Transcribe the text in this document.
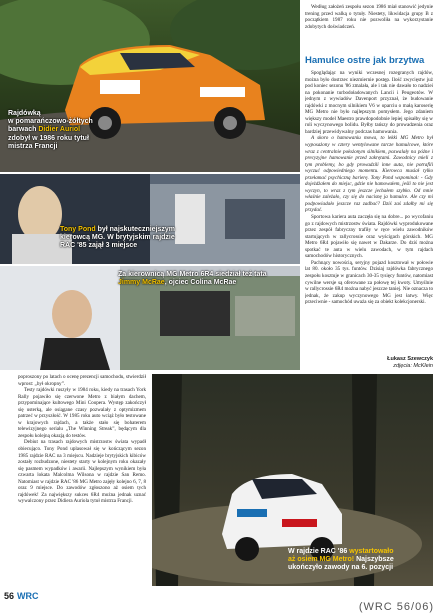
Rajdówką
w pomarańczowo-żółtych
barwach Didier Auriol
zdobył w 1986 roku tytuł
mistrza Francji
Tony Pond był najskuteczniejszym
kierowcą MG. W brytyjskim rajdzie
RAC '85 zajął 3 miejsce
Za kierownicą MG Metro 6R4 siedział też tata
Jimmy McRae, ojciec Colina McRae

Według założeń zespołu sezon 1986 miał stanowić jedynie trening przed walką o tytuły. Niestety, likwidacja grupy B z początkiem 1987 roku nie pozwoliła na wykorzystanie zdobytych doświadczeń.

Hamulce ostre jak brzytwa

Spoglądając na wyniki wczesnej rozegranych rajdów, można było dostrzec niezmiernie postęp. Ilość zwycięstw już pod koniec sezonu '86 zmalała, ale i tak nie dawało to nadziei na pokonanie turbodoładowanych Lancii i Peugeotów. W jednym z wywiadów Davenport przyznał, że budowanie rajdówki z mocnym silnikiem V6 w oparciu o małą karoserię MG Metro nie było najlepszym pomysłem. Jego zdaniem większy model Maestro prawdopodobnie lepiej spisałby się w roli wyczynowego bolidu. Byłby tańszy do prowadzenia oraz bardziej przewidywalny podczas hamowania.

A skoro o hamowaniu mowa, to lekki MG Metro był wyposażony w cztery wentylowane tarcze hamulcowe, które wraz z centralnie położonym silnikiem, pozwalały na późne i precyzyjne hamowanie przed zakrętami. Zawodnicy mieli z tym problemy, bo gdy prowadzili inne auta, nie potrafili wyczuć odpowiedniego momentu. Kierowca musiał tylko przełamać psychiczną barierę. Tony Pond wspominał: - Gdy dojeżdżałem do miejsc, gdzie nie hamowałem, jeśli to nie jest wyczyn, to wraz z tym jeszcze jechałem szybko. Od mnie właśnie zależało, czy się do nacisnę ja hamulce. Ale czy mi podpowiadało jeszcze raz zadbać? Dziś zaś zdałby mi się przydać.

Sportowa kariera auta zaczęła się na dobre... po wycofaniu go z rajdowych mistrzostw świata. Rajdówki wyprodukowane przez zespół fabryczny trafiły w ręce wielu zawodników startujących w rallycrossie oraz wyścigach górskich. MG Metro 6R4 pojawiło się nawet w Dakarze. Do dziś można spotkać te auta w wielu zawodach, w tym rajdach samochodów historycznych.

Pachnący nowością, seryjny pojazd kosztował w połowie lat 80. około 35 tys. funtów. Dzisiaj rajdówka fabrycznego zespołu kosztuje w granicach 30-35 tysięcy funtów, natomiast cywilne wersje są oferowane za połowę tej kwoty. Umyślnie w rallycrossie 6R4 można nabyć jeszcze taniej. Nie oznacza to jednak, że zakup wyczynowego MG jest łatwy. Więc przeciwnie - samochód uważa się za obiekt kolekcjonerski.

Łukasz Szewczyk
zdjęcia: McKlein

poproszony po latach o ocenę prezencji samochodu, stwierdził wprost: „był okropny”.

Testy rajdówki ruszyły w 1984 roku, kiedy na trasach York Rally pojawiło się czerwone Metro z białym dachem, przypominające kultowego Mini Coopera. Występ zakończył się usterką, ale osiągane czasy pozwalały z optymizmem patrzeć w przyszłość. W 1985 roku auto wciąż było testowane w krajowych rajdach, a także stało się bohaterem telewizyjnego serialu „The Winning Streak”, będącym dla zespołu kolejną okazją do testów.

Debiut na trasach rajdowych mistrzostw świata wypadł obiecująco. Tony Pond uplasował się w kończącym sezon 1985 rajdzie RAC na 3 miejscu. Nadzieje brytyjskich kibiców zostały rozbudzone, niestety starty w kolejnym roku okazały się pasmem wypadków i awarii. Najlepszym wynikiem była czwarta lokata Malcolma Wilsona w rajdzie San Remo. Natomiast w rajdzie RAC '86 MG Metro zajęły kolejno 6, 7, 8 oraz 9 miejsce. Do zawodów zgłoszono aż osiem tych rajdówek! Za największy sukces 6R4 można jednak uznać wywalczony przez Didiera Auriola tytuł mistrza Francji.

W rajdzie RAC '86 wystartowało
aż osiem MG Metro! Najszybsze
ukończyło zawody na 6. pozycji
56 WRC
(WRC 56/06)
